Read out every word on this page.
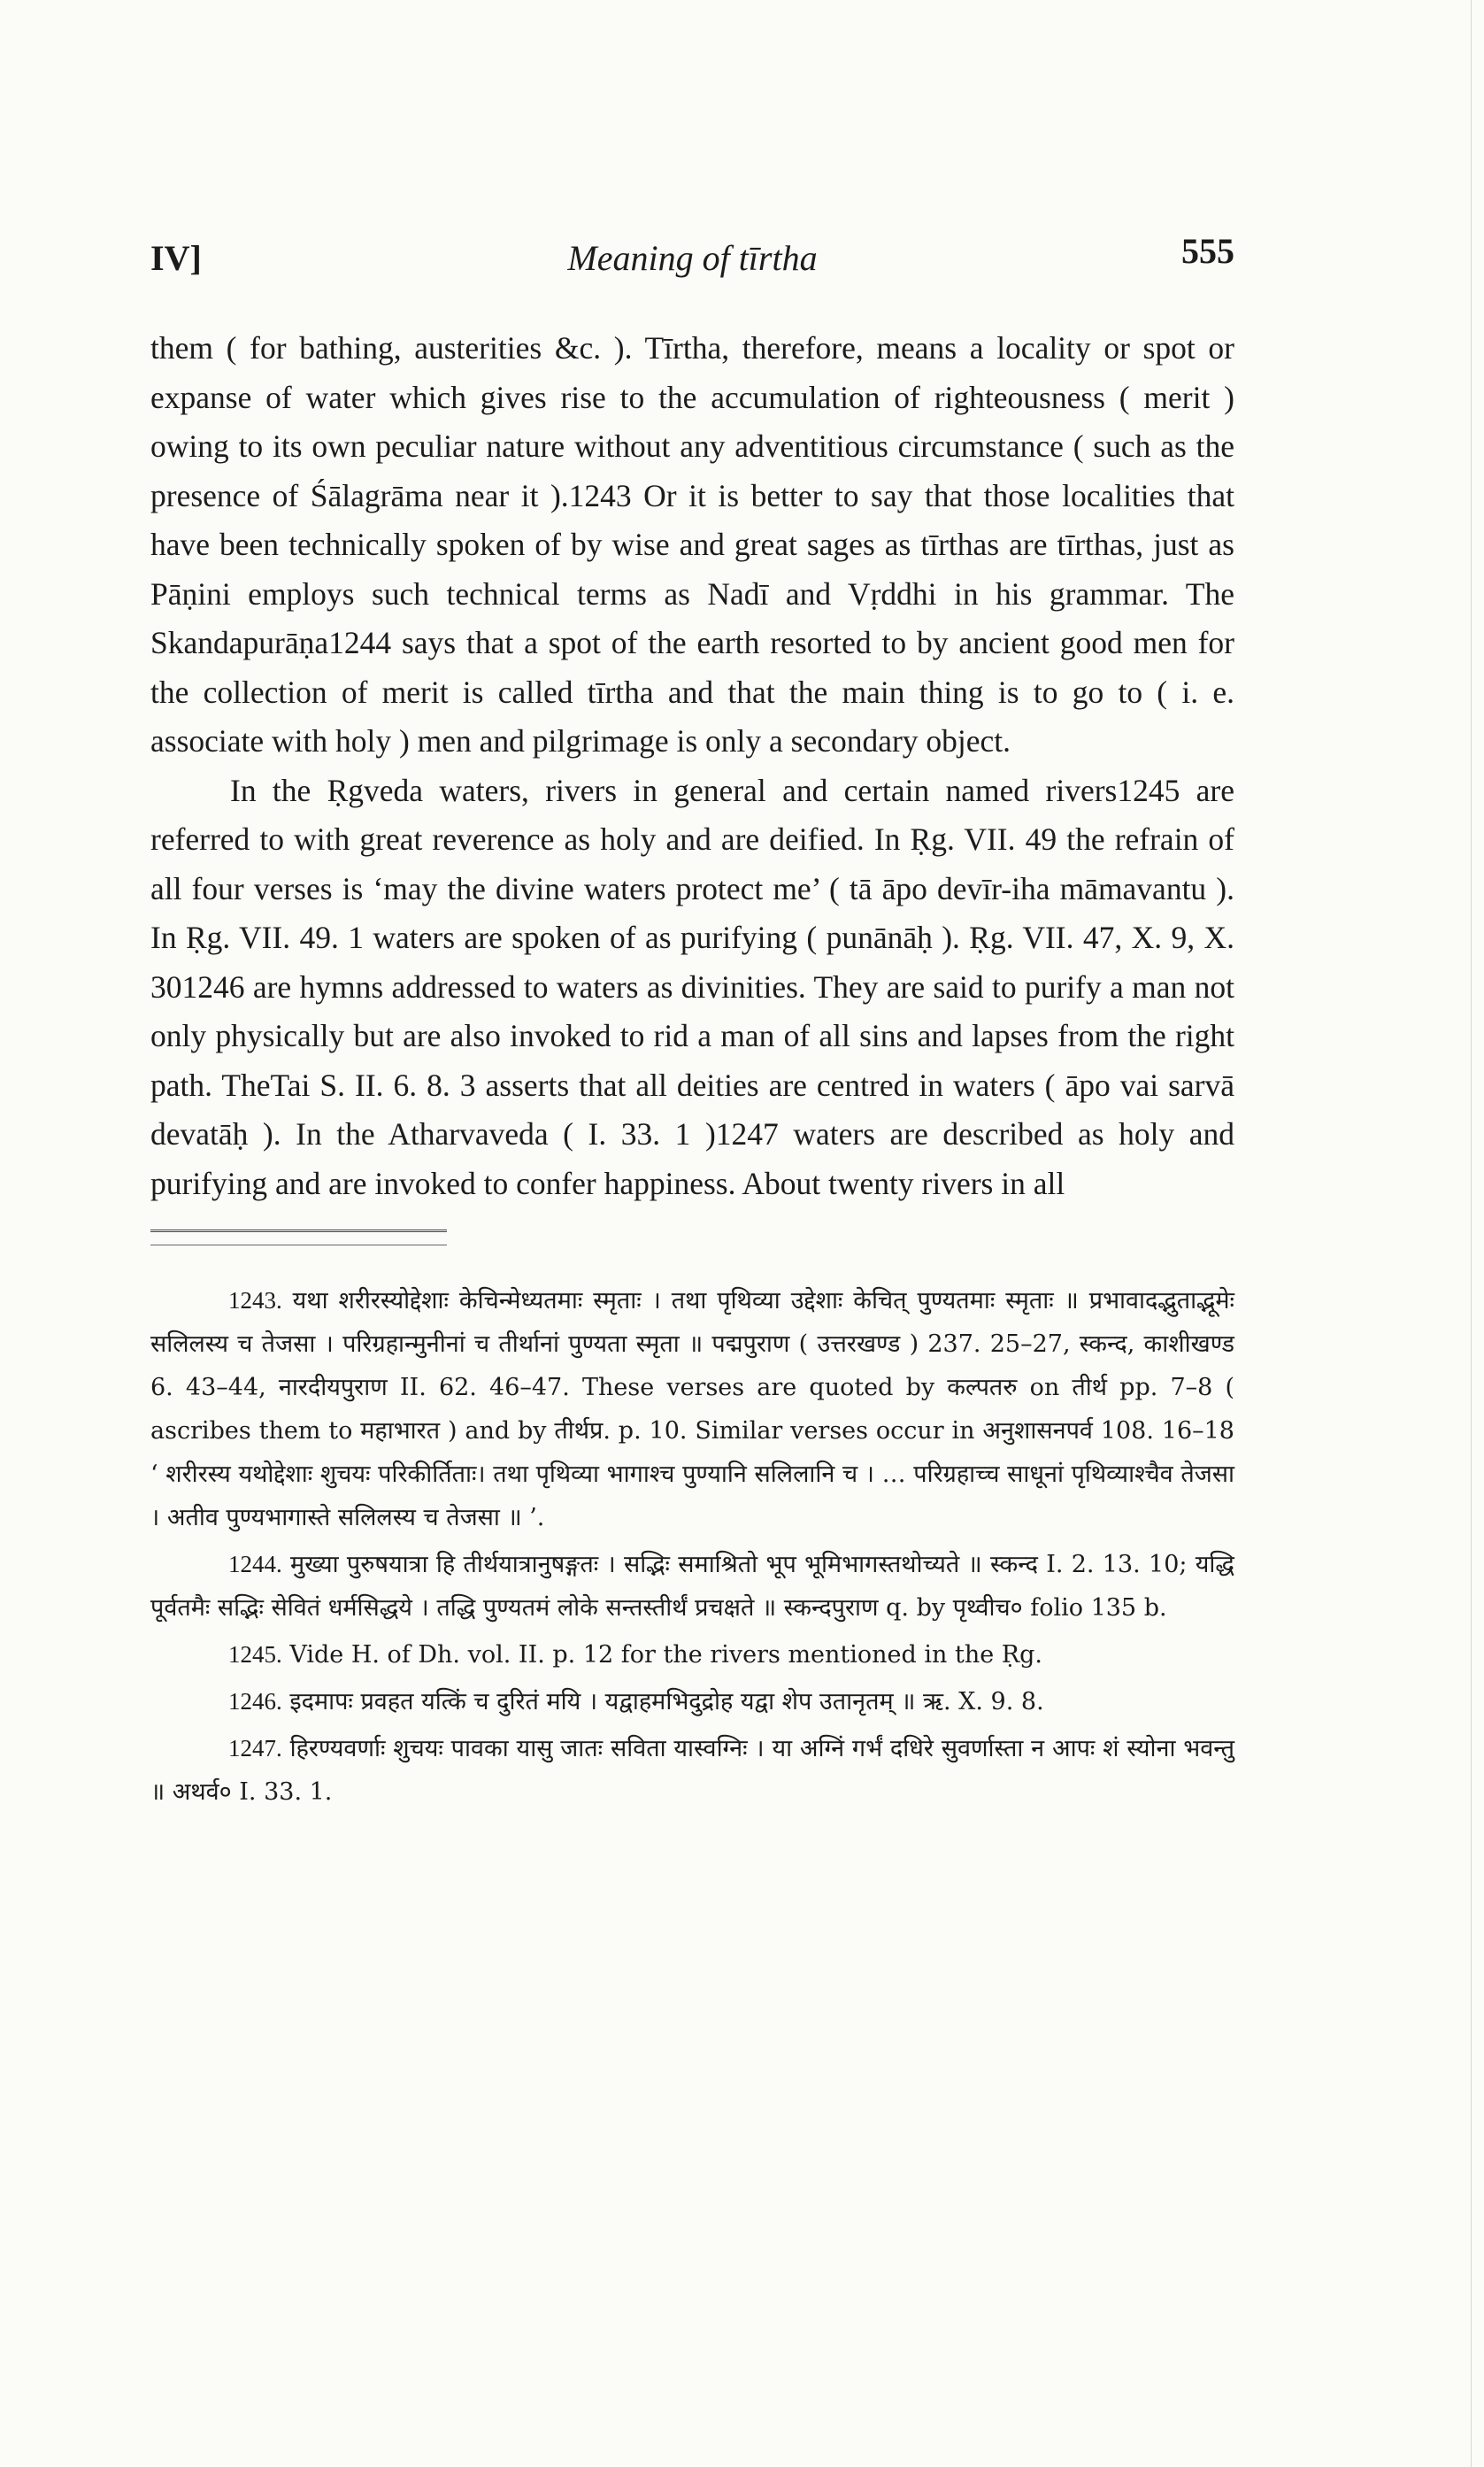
IV]	Meaning of tīrtha	555

them ( for bathing, austerities &c. ). Tīrtha, therefore, means a locality or spot or expanse of water which gives rise to the accumulation of righteousness ( merit ) owing to its own peculiar nature without any adventitious circumstance ( such as the presence of Śālagrāma near it ).1243 Or it is better to say that those localities that have been technically spoken of by wise and great sages as tīrthas are tīrthas, just as Pāṇini employs such technical terms as Nadī and Vṛddhi in his grammar. The Skandapurāṇa1244 says that a spot of the earth resorted to by ancient good men for the collection of merit is called tīrtha and that the main thing is to go to ( i. e. associate with holy ) men and pilgrimage is only a secondary object.

In the Ṛgveda waters, rivers in general and certain named rivers1245 are referred to with great reverence as holy and are deified. In Ṛg. VII. 49 the refrain of all four verses is ‘may the divine waters protect me’ ( tā āpo devīr-iha māmavantu ). In Ṛg. VII. 49. 1 waters are spoken of as purifying ( punānāḥ ). Ṛg. VII. 47, X. 9, X. 301246 are hymns addressed to waters as divinities. They are said to purify a man not only physically but are also invoked to rid a man of all sins and lapses from the right path. TheTai S. II. 6. 8. 3 asserts that all deities are centred in waters ( āpo vai sarvā devatāḥ ). In the Atharvaveda ( I. 33. 1 )1247 waters are described as holy and purifying and are invoked to confer happiness. About twenty rivers in all

1243. यथा शरीरस्योद्देशाः केचिन्मेध्यतमाः स्मृताः । तथा पृथिव्या उद्देशाः केचित् पुण्यतमाः स्मृताः ॥ प्रभावादद्भुताद्भूमेः सलिलस्य च तेजसा । परिग्रहान्मुनीनां च तीर्थानां पुण्यता स्मृता ॥ पद्मपुराण ( उत्तरखण्ड ) 237. 25–27, स्कन्द, काशीखण्ड 6. 43–44, नारदीयपुराण II. 62. 46–47. These verses are quoted by कल्पतरु on तीर्थ pp. 7–8 ( ascribes them to महाभारत ) and by तीर्थप्र. p. 10. Similar verses occur in अनुशासनपर्व 108. 16–18 ‘ शरीरस्य यथोद्देशाः शुचयः परिकीर्तिताः। तथा पृथिव्या भागाश्च पुण्यानि सलिलानि च । … परिग्रहाच्च साधूनां पृथिव्याश्चैव तेजसा । अतीव पुण्यभागास्ते सलिलस्य च तेजसा ॥ ’.

1244. मुख्या पुरुषयात्रा हि तीर्थयात्रानुषङ्गतः । सद्भिः समाश्रितो भूप भूमिभागस्तथोच्यते ॥ स्कन्द I. 2. 13. 10; यद्धि पूर्वतमैः सद्भिः सेवितं धर्मसिद्धये । तद्धि पुण्यतमं लोके सन्तस्तीर्थं प्रचक्षते ॥ स्कन्दपुराण q. by पृथ्वीच० folio 135 b.

1245. Vide H. of Dh. vol. II. p. 12 for the rivers mentioned in the Ṛg.

1246. इदमापः प्रवहत यत्किं च दुरितं मयि । यद्वाहमभिदुद्रोह यद्वा शेप उतानृतम् ॥ ऋ. X. 9. 8.

1247. हिरण्यवर्णाः शुचयः पावका यासु जातः सविता यास्वग्निः । या अग्निं गर्भं दधिरे सुवर्णास्ता न आपः शं स्योना भवन्तु ॥ अथर्व० I. 33. 1.
